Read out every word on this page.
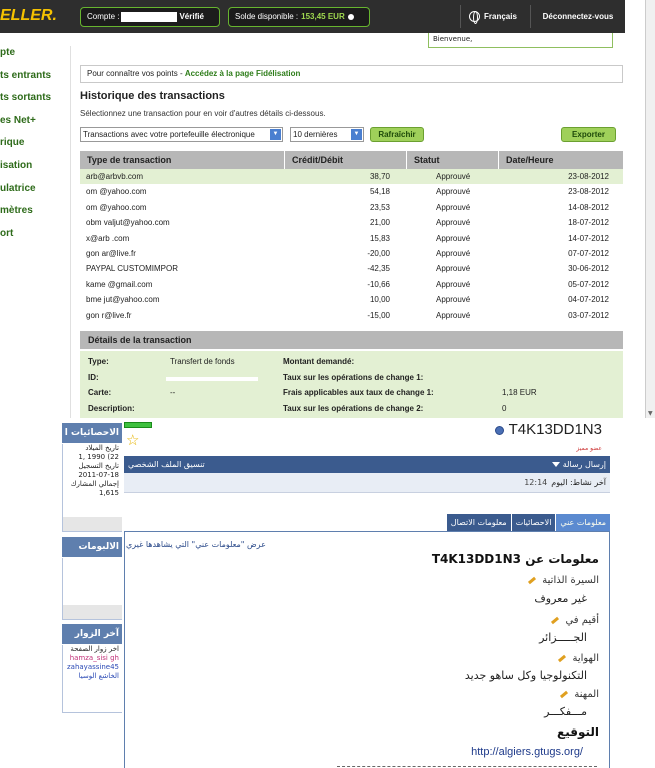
ELLER.	Compte :	Vérifié	Solde disponible : 153,45 EUR	Français	Déconnectez-vous
Bienvenue,
pte
ts entrants
ts sortants
es Net+
rique
isation
ulatrice
mètres
ort
Pour connaître vos points - Accédez à la page Fidélisation
Historique des transactions
Sélectionnez une transaction pour en voir d'autres détails ci-dessous.
Transactions avec votre portefeuille électronique	▼	10 dernières	▼	Rafraîchir	Exporter
Type de transaction	Crédit/Débit	Statut	Date/Heure
arb@arbvb.com	38,70	Approuvé	23-08-2012
om @yahoo.com	54,18	Approuvé	23-08-2012
om @yahoo.com	23,53	Approuvé	14-08-2012
obm valjut@yahoo.com	21,00	Approuvé	18-07-2012
x@arb .com	15,83	Approuvé	14-07-2012
gon ar@live.fr	-20,00	Approuvé	07-07-2012
PAYPAL CUSTOMIMPOR	-42,35	Approuvé	30-06-2012
kame @gmail.com	-10,66	Approuvé	05-07-2012
bme jut@yahoo.com	10,00	Approuvé	04-07-2012
gon r@live.fr	-15,00	Approuvé	03-07-2012
Détails de la transaction
Type:	Transfert de fonds
ID:
Carte:	--
Description:
Montant demandé:
Taux sur les opérations de change 1:
Frais applicables aux taux de change 1:	1,18 EUR
Taux sur les opérations de change 2:	0
▼
الاحصائيات ا
تاريخ الميلاد
22) 1990 ,1
تاريخ التسجيل
2011-07-18
إجمالي المشارك
1,615
الالبومات
آخر الزوار
اخر زوار الصفحة
hamza_sisi gh
zahayassine45
الخاشع الوسيا
☆
T4K13DD1N3
عضو مميز
تنسيق الملف الشخصي	إرسال رسالة
آخر نشاط: اليوم12:14
معلومات عني
الاحصائيات
معلومات الاتصال
عرض "معلومات عني" التي يشاهدها غيري
معلومات عن T4K13DD1N3
السيرة الذاتية
غير معروف
أقيم في
الجـــــزائر
الهواية
التكنولوجيا وكل ساهو جديد
المهنة
مـــفكـــر
التوقيع
http://algiers.gtugs.org/
